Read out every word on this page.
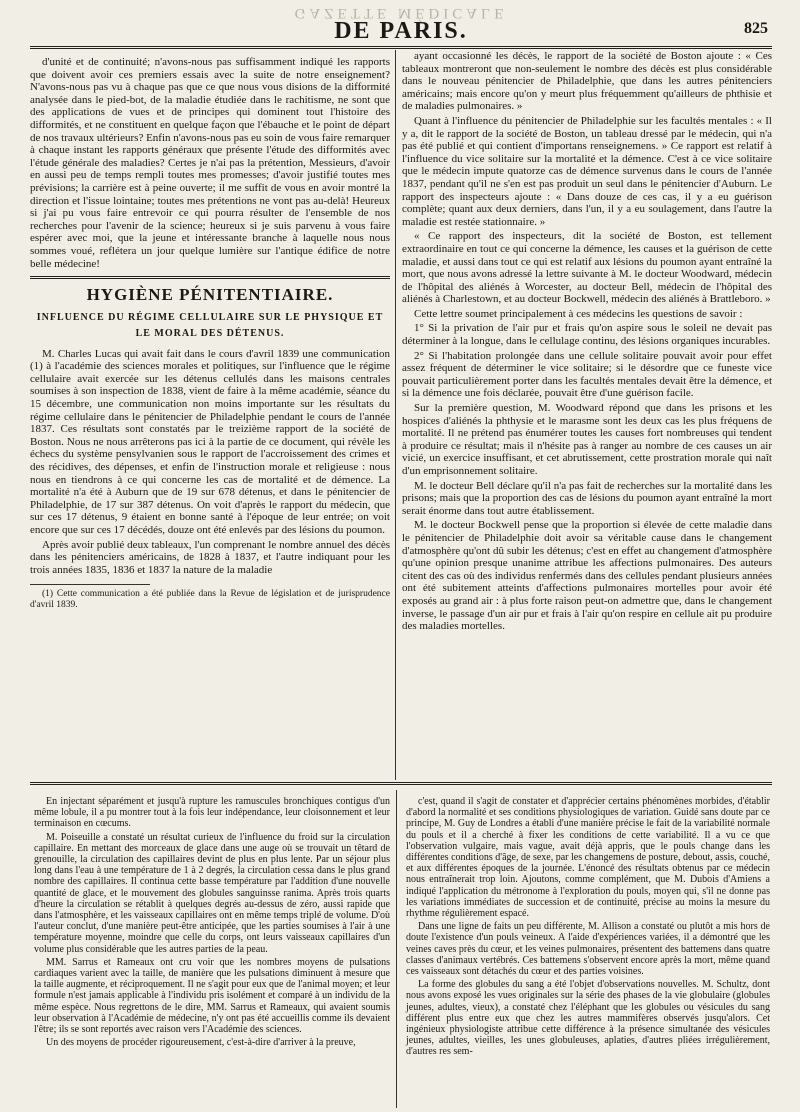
GAZETTE MÉDICALE
DE PARIS.	825

d'unité et de continuité; n'avons-nous pas suffisamment indiqué les rapports que doivent avoir ces premiers essais avec la suite de notre enseignement? N'avons-nous pas vu à chaque pas que ce que nous vous disions de la difformité analysée dans le pied-bot, de la maladie étudiée dans le rachitisme, ne sont que des applications de vues et de principes qui dominent tout l'histoire des difformités, et ne constituent en quelque façon que l'ébauche et le point de départ de nos travaux ultérieurs? Enfin n'avons-nous pas eu soin de vous faire remarquer à chaque instant les rapports généraux que présente l'étude des difformités avec l'étude générale des maladies? Certes je n'ai pas la prétention, Messieurs, d'avoir en aussi peu de temps rempli toutes mes promesses; d'avoir justifié toutes mes prévisions; la carrière est à peine ouverte; il me suffit de vous en avoir montré la direction et l'issue lointaine; toutes mes prétentions ne vont pas au-delà! Heureux si j'ai pu vous faire entrevoir ce qui pourra résulter de l'ensemble de nos recherches pour l'avenir de la science; heureux si je suis parvenu à vous faire espérer avec moi, que la jeune et intéressante branche à laquelle nous nous sommes voué, reflétera un jour quelque lumière sur l'antique édifice de notre belle médecine!

HYGIÈNE PÉNITENTIAIRE.
INFLUENCE DU RÉGIME CELLULAIRE SUR LE PHYSIQUE ET
LE MORAL DES DÉTENUS.

M. Charles Lucas qui avait fait dans le cours d'avril 1839 une communication (1) à l'académie des sciences morales et politiques, sur l'influence que le régime cellulaire avait exercée sur les détenus cellulés dans les maisons centrales soumises à son inspection de 1838, vient de faire à la même académie, séance du 15 décembre, une communication non moins importante sur les résultats du régime cellulaire dans le pénitencier de Philadelphie pendant le cours de l'année 1837. Ces résultats sont constatés par le treizième rapport de la société de Boston. Nous ne nous arrêterons pas ici à la partie de ce document, qui révèle les échecs du système pensylvanien sous le rapport de l'accroissement des crimes et des récidives, des dépenses, et enfin de l'instruction morale et religieuse : nous nous en tiendrons à ce qui concerne les cas de mortalité et de démence. La mortalité n'a été à Auburn que de 19 sur 678 détenus, et dans le pénitencier de Philadelphie, de 17 sur 387 détenus. On voit d'après le rapport du médecin, que sur ces 17 détenus, 9 étaient en bonne santé à l'époque de leur entrée; on voit encore que sur ces 17 décédés, douze ont été enlevés par des lésions du poumon.

Après avoir publié deux tableaux, l'un comprenant le nombre annuel des décès dans les pénitenciers américains, de 1828 à 1837, et l'autre indiquant pour les trois années 1835, 1836 et 1837 la nature de la maladie

(1) Cette communication a été publiée dans la Revue de législation et de jurisprudence d'avril 1839.

ayant occasionné les décès, le rapport de la société de Boston ajoute : « Ces tableaux montreront que non-seulement le nombre des décès est plus considérable dans le nouveau pénitencier de Philadelphie, que dans les autres pénitenciers américains; mais encore qu'on y meurt plus fréquemment qu'ailleurs de phthisie et de maladies pulmonaires. »

Quant à l'influence du pénitencier de Philadelphie sur les facultés mentales : « Il y a, dit le rapport de la société de Boston, un tableau dressé par le médecin, qui n'a pas été publié et qui contient d'importans renseignemens. » Ce rapport est relatif à l'influence du vice solitaire sur la mortalité et la démence. C'est à ce vice solitaire que le médecin impute quatorze cas de démence survenus dans le cours de l'année 1837, pendant qu'il ne s'en est pas produit un seul dans le pénitencier d'Auburn. Le rapport des inspecteurs ajoute : « Dans douze de ces cas, il y a eu guérison complète; quant aux deux derniers, dans l'un, il y a eu soulagement, dans l'autre la maladie est restée stationnaire. »

« Ce rapport des inspecteurs, dit la société de Boston, est tellement extraordinaire en tout ce qui concerne la démence, les causes et la guérison de cette maladie, et aussi dans tout ce qui est relatif aux lésions du poumon ayant entraîné la mort, que nous avons adressé la lettre suivante à M. le docteur Woodward, médecin de l'hôpital des aliénés à Worcester, au docteur Bell, médecin de l'hôpital des aliénés à Charlestown, et au docteur Bockwell, médecin des aliénés à Brattleboro. »

Cette lettre soumet principalement à ces médecins les questions de savoir :

1° Si la privation de l'air pur et frais qu'on aspire sous le soleil ne devait pas déterminer à la longue, dans le cellulage continu, des lésions organiques incurables.

2° Si l'habitation prolongée dans une cellule solitaire pouvait avoir pour effet assez fréquent de déterminer le vice solitaire; si le désordre que ce funeste vice pouvait particulièrement porter dans les facultés mentales devait être la démence, et si la démence une fois déclarée, pouvait être d'une guérison facile.

Sur la première question, M. Woodward répond que dans les prisons et les hospices d'aliénés la phthysie et le marasme sont les deux cas les plus fréquens de mortalité. Il ne prétend pas énumérer toutes les causes fort nombreuses qui tendent à produire ce résultat; mais il n'hésite pas à ranger au nombre de ces causes un air vicié, un exercice insuffisant, et cet abrutissement, cette prostration morale qui naît d'un emprisonnement solitaire.

M. le docteur Bell déclare qu'il n'a pas fait de recherches sur la mortalité dans les prisons; mais que la proportion des cas de lésions du poumon ayant entraîné la mort serait énorme dans tout autre établissement.

M. le docteur Bockwell pense que la proportion si élevée de cette maladie dans le pénitencier de Philadelphie doit avoir sa véritable cause dans le changement d'atmosphère qu'ont dû subir les détenus; c'est en effet au changement d'atmosphère qu'une opinion presque unanime attribue les affections pulmonaires. Des auteurs citent des cas où des individus renfermés dans des cellules pendant plusieurs années ont été subitement atteints d'affections pulmonaires mortelles pour avoir été exposés au grand air : à plus forte raison peut-on admettre que, dans le changement inverse, le passage d'un air pur et frais à l'air qu'on respire en cellule ait pu produire des maladies mortelles.

En injectant séparément et jusqu'à rupture les ramuscules bronchiques contigus d'un même lobule, il a pu montrer tout à la fois leur indépendance, leur cloisonnement et leur terminaison en cœcums.

M. Poiseuille a constaté un résultat curieux de l'influence du froid sur la circulation capillaire. En mettant des morceaux de glace dans une auge où se trouvait un têtard de grenouille, la circulation des capillaires devint de plus en plus lente. Par un séjour plus long dans l'eau à une température de 1 à 2 degrés, la circulation cessa dans le plus grand nombre des capillaires. Il continua cette basse température par l'addition d'une nouvelle quantité de glace, et le mouvement des globules sanguinsse ranima. Après trois quarts d'heure la circulation se rétablit à quelques degrés au-dessus de zéro, aussi rapide que dans l'atmosphère, et les vaisseaux capillaires ont en même temps triplé de volume. D'où l'auteur conclut, d'une manière peut-être anticipée, que les parties soumises à l'air à une température moyenne, moindre que celle du corps, ont leurs vaisseaux capillaires d'un volume plus considérable que les autres parties de la peau.

MM. Sarrus et Rameaux ont cru voir que les nombres moyens de pulsations cardiaques varient avec la taille, de manière que les pulsations diminuent à mesure que la taille augmente, et réciproquement. Il ne s'agit pour eux que de l'animal moyen; et leur formule n'est jamais applicable à l'individu pris isolément et comparé à un individu de la même espèce. Nous regrettons de le dire, MM. Sarrus et Rameaux, qui avaient soumis leur observation à l'Académie de médecine, n'y ont pas été accueillis comme ils devaient l'être; ils se sont reportés avec raison vers l'Académie des sciences.

Un des moyens de procéder rigoureusement, c'est-à-dire d'arriver à la preuve,

c'est, quand il s'agit de constater et d'apprécier certains phénomènes morbides, d'établir d'abord la normalité et ses conditions physiologiques de variation. Guidé sans doute par ce principe, M. Guy de Londres a établi d'une manière précise le fait de la variabilité normale du pouls et il a cherché à fixer les conditions de cette variabilité. Il a vu ce que l'observation vulgaire, mais vague, avait déjà appris, que le pouls change dans les différentes conditions d'âge, de sexe, par les changemens de posture, debout, assis, couché, et aux différentes époques de la journée. L'énoncé des résultats obtenus par ce médecin nous entraînerait trop loin. Ajoutons, comme complément, que M. Dubois d'Amiens a indiqué l'application du métronome à l'exploration du pouls, moyen qui, s'il ne donne pas les variations immédiates de succession et de continuité, précise au moins la mesure du rhythme régulièrement espacé.

Dans une ligne de faits un peu différente, M. Allison a constaté ou plutôt a mis hors de doute l'existence d'un pouls veineux. A l'aide d'expériences variées, il a démontré que les veines caves près du cœur, et les veines pulmonaires, présentent des battemens dans quatre classes d'animaux vertébrés. Ces battemens s'observent encore après la mort, même quand ces vaisseaux sont détachés du cœur et des parties voisines.

La forme des globules du sang a été l'objet d'observations nouvelles. M. Schultz, dont nous avons exposé les vues originales sur la série des phases de la vie globulaire (globules jeunes, adultes, vieux), a constaté chez l'éléphant que les globules ou vésicules du sang différent plus entre eux que chez les autres mammifères observés jusqu'alors. Cet ingénieux physiologiste attribue cette différence à la présence simultanée des vésicules jeunes, adultes, vieilles, les unes globuleuses, aplaties, d'autres pliées irrégulièrement, d'autres res sem-
